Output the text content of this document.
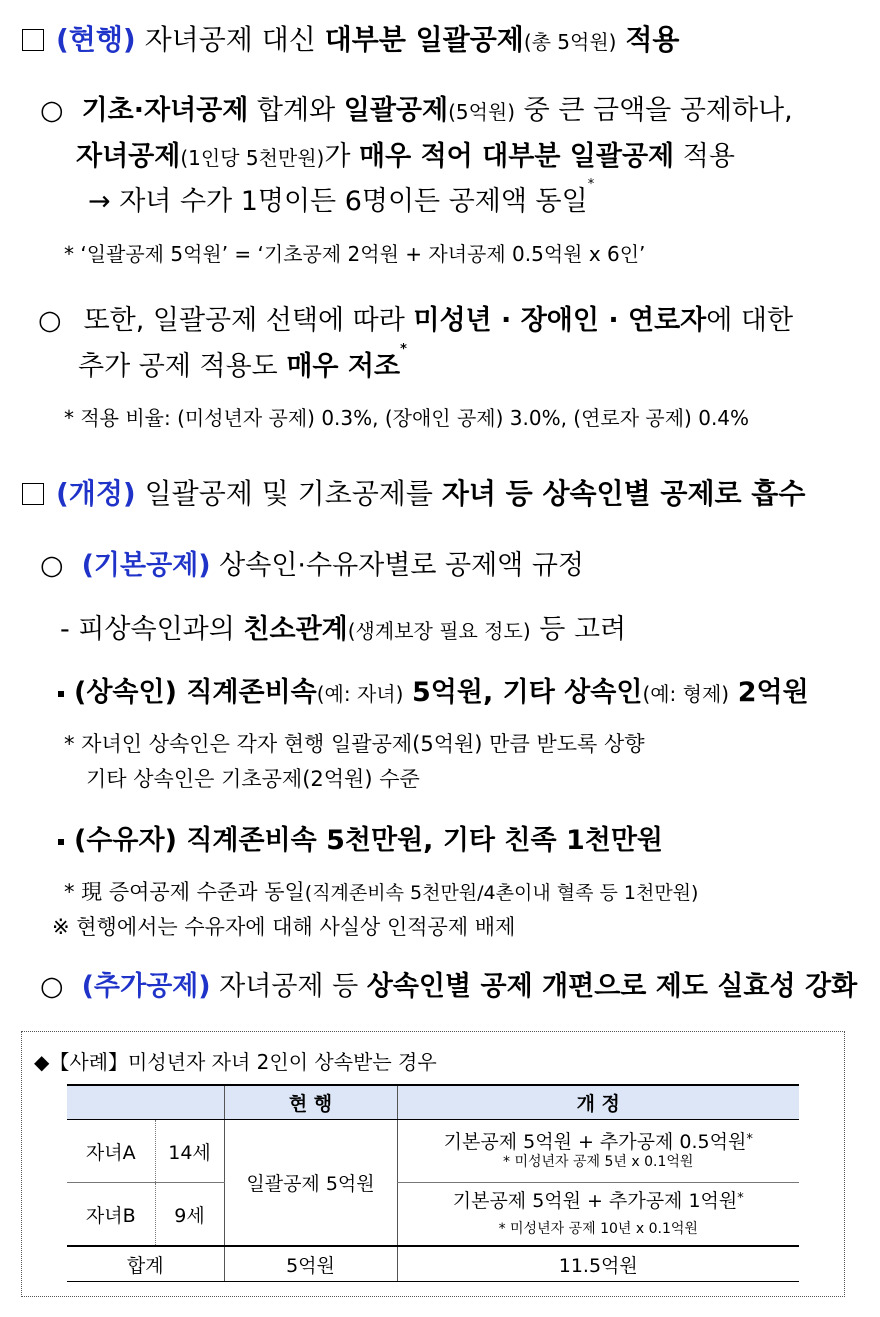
(현행) 자녀공제 대신 대부분 일괄공제(총 5억원) 적용
○ 기초·자녀공제 합계와 일괄공제(5억원) 중 큰 금액을 공제하나,
자녀공제(1인당 5천만원)가 매우 적어 대부분 일괄공제 적용
→ 자녀 수가 1명이든 6명이든 공제액 동일*
* ‘일괄공제 5억원’ = ‘기초공제 2억원 + 자녀공제 0.5억원 x 6인’
○ 또한, 일괄공제 선택에 따라 미성년 · 장애인 · 연로자에 대한
추가 공제 적용도 매우 저조*
* 적용 비율: (미성년자 공제) 0.3%, (장애인 공제) 3.0%, (연로자 공제) 0.4%
(개정) 일괄공제 및 기초공제를 자녀 등 상속인별 공제로 흡수
○ (기본공제) 상속인·수유자별로 공제액 규정
- 피상속인과의 친소관계(생계보장 필요 정도) 등 고려
(상속인) 직계존비속(예: 자녀) 5억원, 기타 상속인(예: 형제) 2억원
* 자녀인 상속인은 각자 현행 일괄공제(5억원) 만큼 받도록 상향
기타 상속인은 기초공제(2억원) 수준
(수유자) 직계존비속 5천만원, 기타 친족 1천만원
* 現 증여공제 수준과 동일(직계존비속 5천만원/4촌이내 혈족 등 1천만원)
※ 현행에서는 수유자에 대해 사실상 인적공제 배제
○ (추가공제) 자녀공제 등 상속인별 공제 개편으로 제도 실효성 강화
◆【사례】미성년자 자녀 2인이 상속받는 경우
		현 행	개 정
자녀A	14세	일괄공제 5억원	기본공제 5억원 + 추가공제 0.5억원*
* 미성년자 공제 5년 x 0.1억원

자녀B	9세		기본공제 5억원 + 추가공제 1억원*
* 미성년자 공제 10년 x 0.1억원

합계		5억원	11.5억원
